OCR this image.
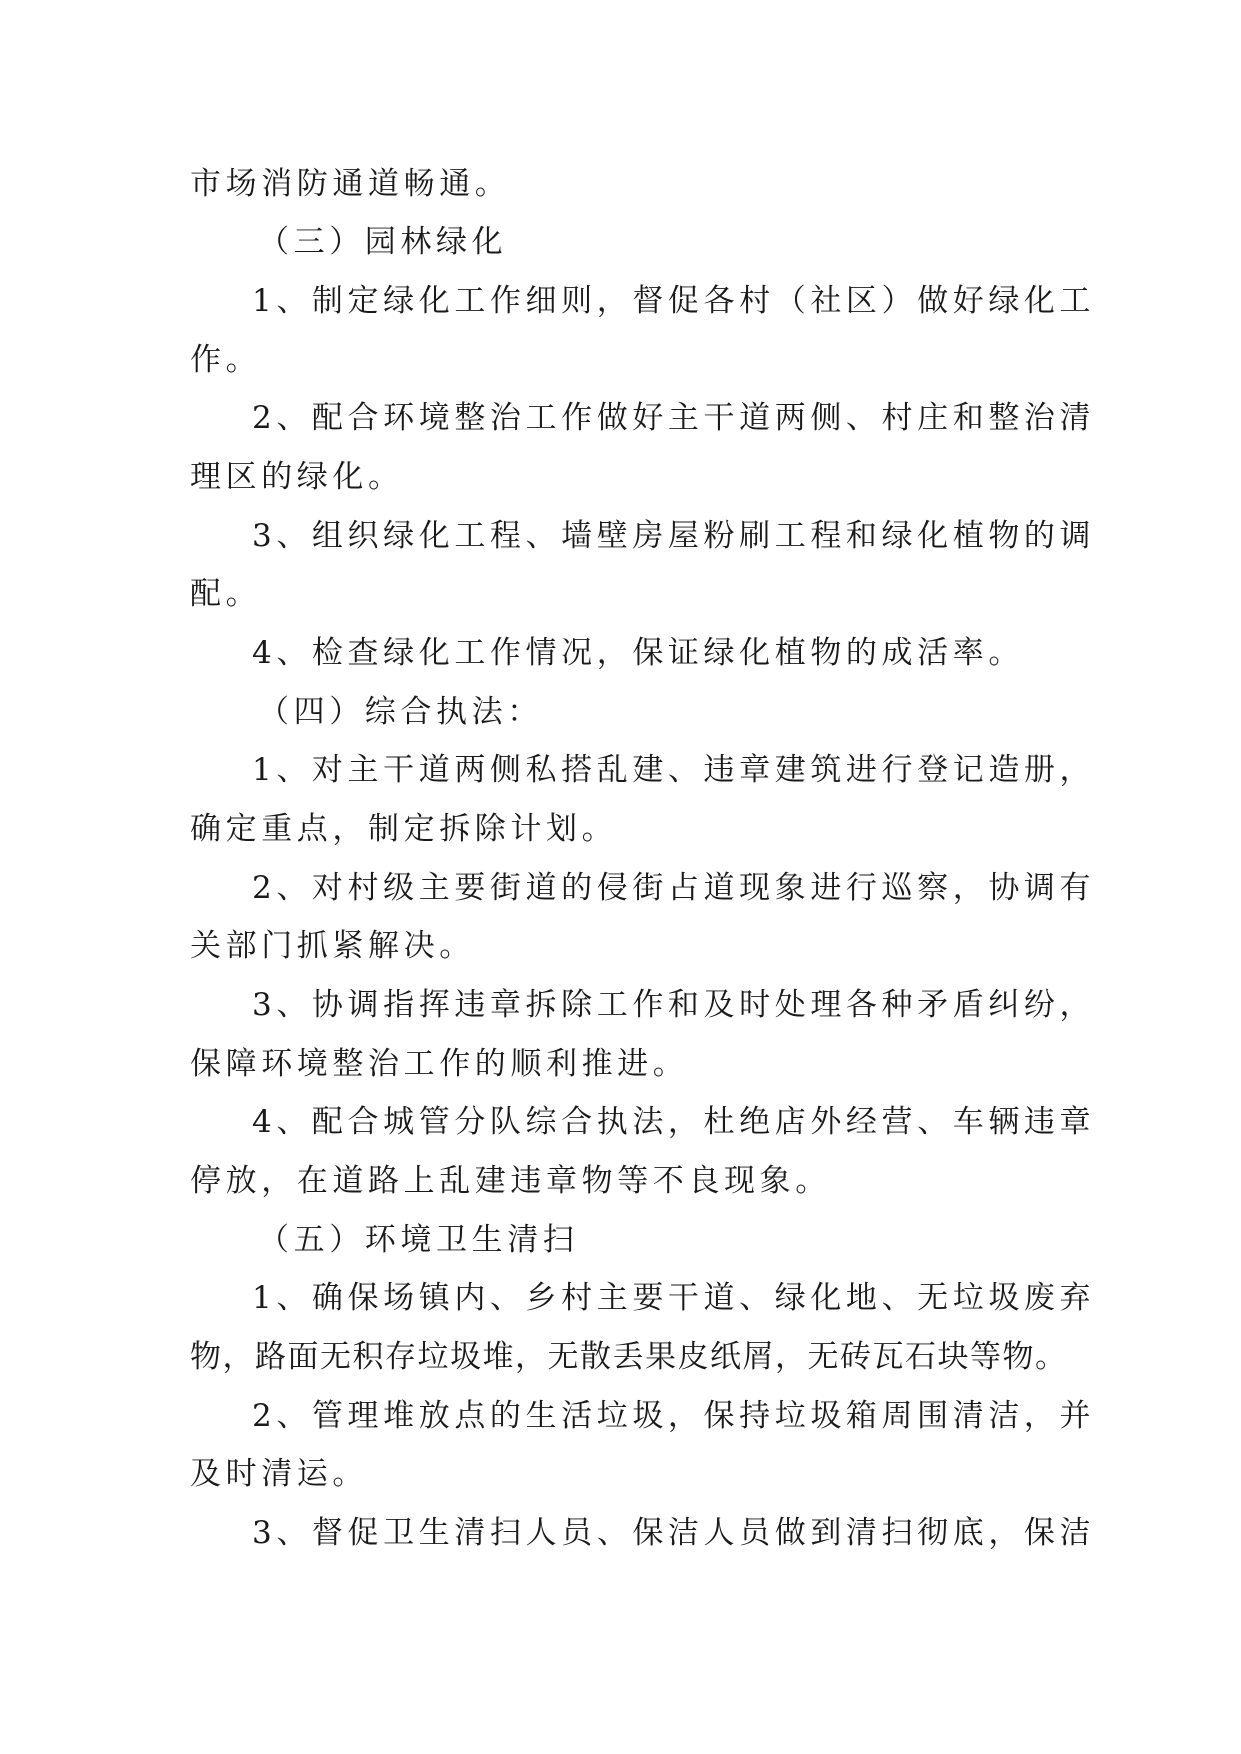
市场消防通道畅通。

（三）园林绿化

1、制定绿化工作细则，督促各村（社区）做好绿化工

作。

2、配合环境整治工作做好主干道两侧、村庄和整治清

理区的绿化。

3、组织绿化工程、墙壁房屋粉刷工程和绿化植物的调

配。

4、检查绿化工作情况，保证绿化植物的成活率。

（四）综合执法：

1、对主干道两侧私搭乱建、违章建筑进行登记造册，

确定重点，制定拆除计划。

2、对村级主要街道的侵街占道现象进行巡察，协调有

关部门抓紧解决。

3、协调指挥违章拆除工作和及时处理各种矛盾纠纷，

保障环境整治工作的顺利推进。

4、配合城管分队综合执法，杜绝店外经营、车辆违章

停放，在道路上乱建违章物等不良现象。

（五）环境卫生清扫

1、确保场镇内、乡村主要干道、绿化地、无垃圾废弃

物，路面无积存垃圾堆，无散丢果皮纸屑，无砖瓦石块等物。

2、管理堆放点的生活垃圾，保持垃圾箱周围清洁，并

及时清运。

3、督促卫生清扫人员、保洁人员做到清扫彻底，保洁
